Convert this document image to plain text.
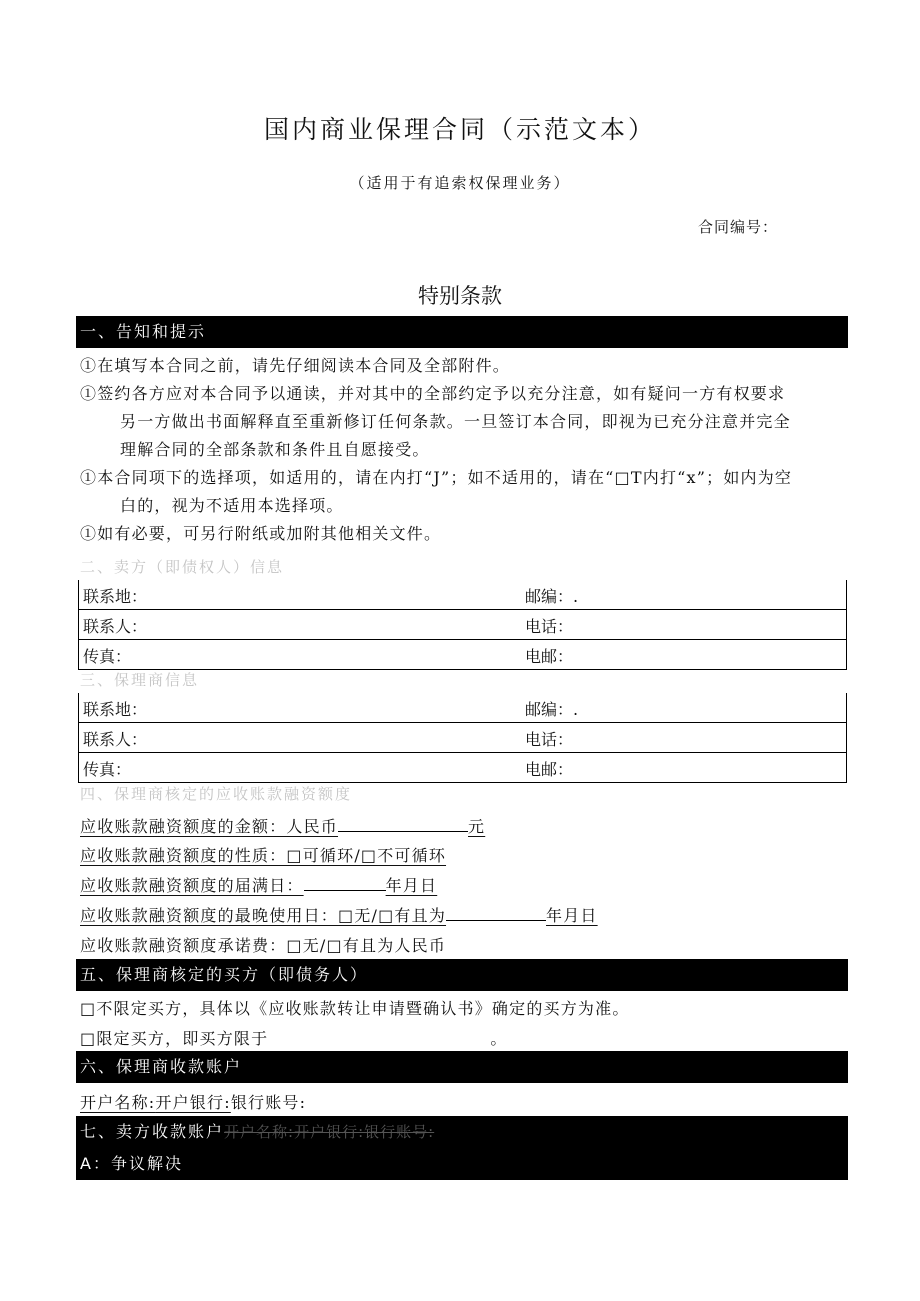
国内商业保理合同（示范文本）
（适用于有追索权保理业务）
合同编号：
特别条款
一、告知和提示
①在填写本合同之前，请先仔细阅读本合同及全部附件。
①签约各方应对本合同予以通读，并对其中的全部约定予以充分注意，如有疑问一方有权要求
另一方做出书面解释直至重新修订任何条款。一旦签订本合同，即视为已充分注意并完全
理解合同的全部条款和条件且自愿接受。
①本合同项下的选择项，如适用的，请在内打“J”；如不适用的，请在“□T内打“x”；如内为空
白的，视为不适用本选择项。
①如有必要，可另行附纸或加附其他相关文件。
二、卖方（即债权人）信息
联系地：	邮编：.
联系人：	电话：
传真：	电邮：
三、保理商信息
联系地：	邮编：.
联系人：	电话：
传真：	电邮：
四、保理商核定的应收账款融资额度
应收账款融资额度的金额：人民币	元
应收账款融资额度的性质：□可循环/□不可循环
应收账款融资额度的届满日：	年月日
应收账款融资额度的最晚使用日：□无/□有且为	年月日
应收账款融资额度承诺费：□无/□有且为人民币
五、保理商核定的买方（即债务人）
□不限定买方，具体以《应收账款转让申请暨确认书》确定的买方为准。
□限定买方，即买方限于	。
六、保理商收款账户
开户名称:开户银行:银行账号:
七、卖方收款账户开户名称:开户银行:银行账号:
A：争议解决
